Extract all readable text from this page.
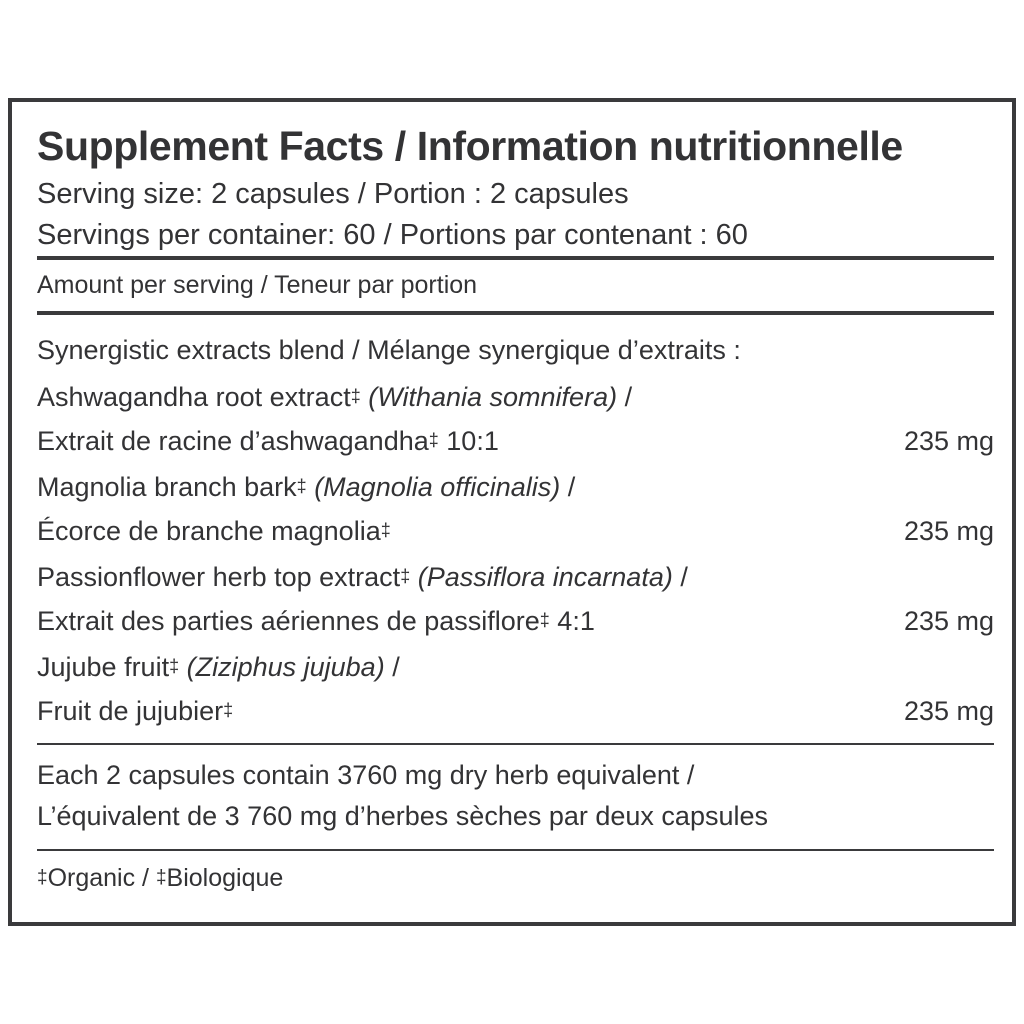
Supplement Facts / Information nutritionnelle
Serving size: 2 capsules / Portion : 2 capsules
Servings per container: 60 / Portions par contenant : 60
Amount per serving / Teneur par portion
Synergistic extracts blend / Mélange synergique d’extraits :
Ashwagandha root extract‡ (Withania somnifera) /
Extrait de racine d’ashwagandha‡ 10:1	235 mg
Magnolia branch bark‡ (Magnolia officinalis) /
Écorce de branche magnolia‡	235 mg
Passionflower herb top extract‡ (Passiflora incarnata) /
Extrait des parties aériennes de passiflore‡ 4:1	235 mg
Jujube fruit‡ (Ziziphus jujuba) /
Fruit de jujubier‡	235 mg
Each 2 capsules contain 3760 mg dry herb equivalent /
L’équivalent de 3 760 mg d’herbes sèches par deux capsules
‡Organic / ‡Biologique
